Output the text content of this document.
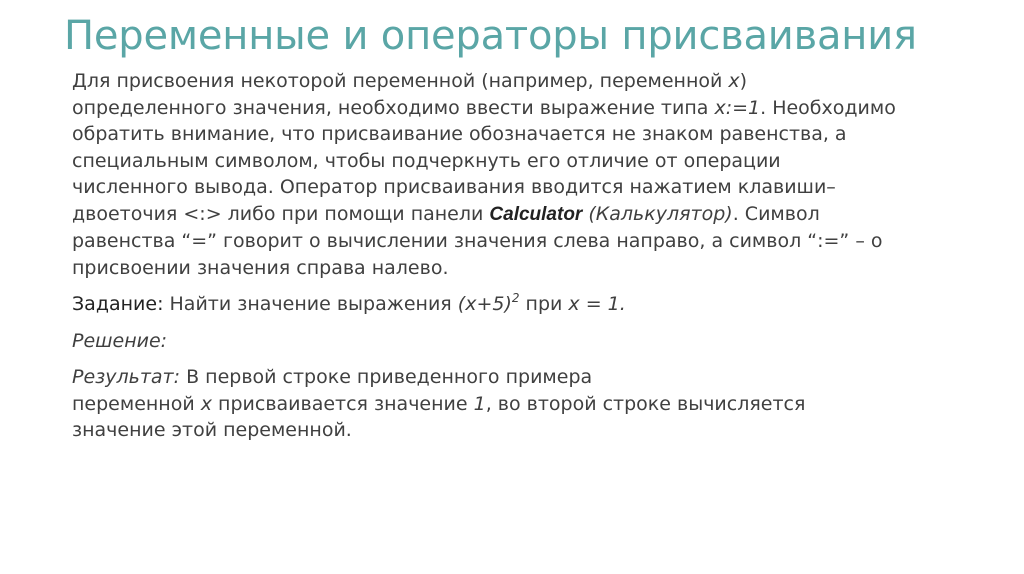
Переменные и операторы присваивания

Для присвоения некоторой переменной (например, переменной x)
определенного значения, необходимо ввести выражение типа x:=1. Необходимо
обратить внимание, что присваивание обозначается не знаком равенства, а
специальным символом, чтобы подчеркнуть его отличие от операции
численного вывода. Оператор присваивания вводится нажатием клавиши–
двоеточия <:> либо при помощи панели Calculator (Калькулятор). Символ
равенства “=” говорит о вычислении значения слева направо, а символ “:=” – о
присвоении значения справа налево.

Задание: Найти значение выражения $(x+5)^2$ при x = 1.

Решение:

Результат: В первой строке приведенного примера
переменной x присваивается значение 1, во второй строке вычисляется
значение этой переменной.
